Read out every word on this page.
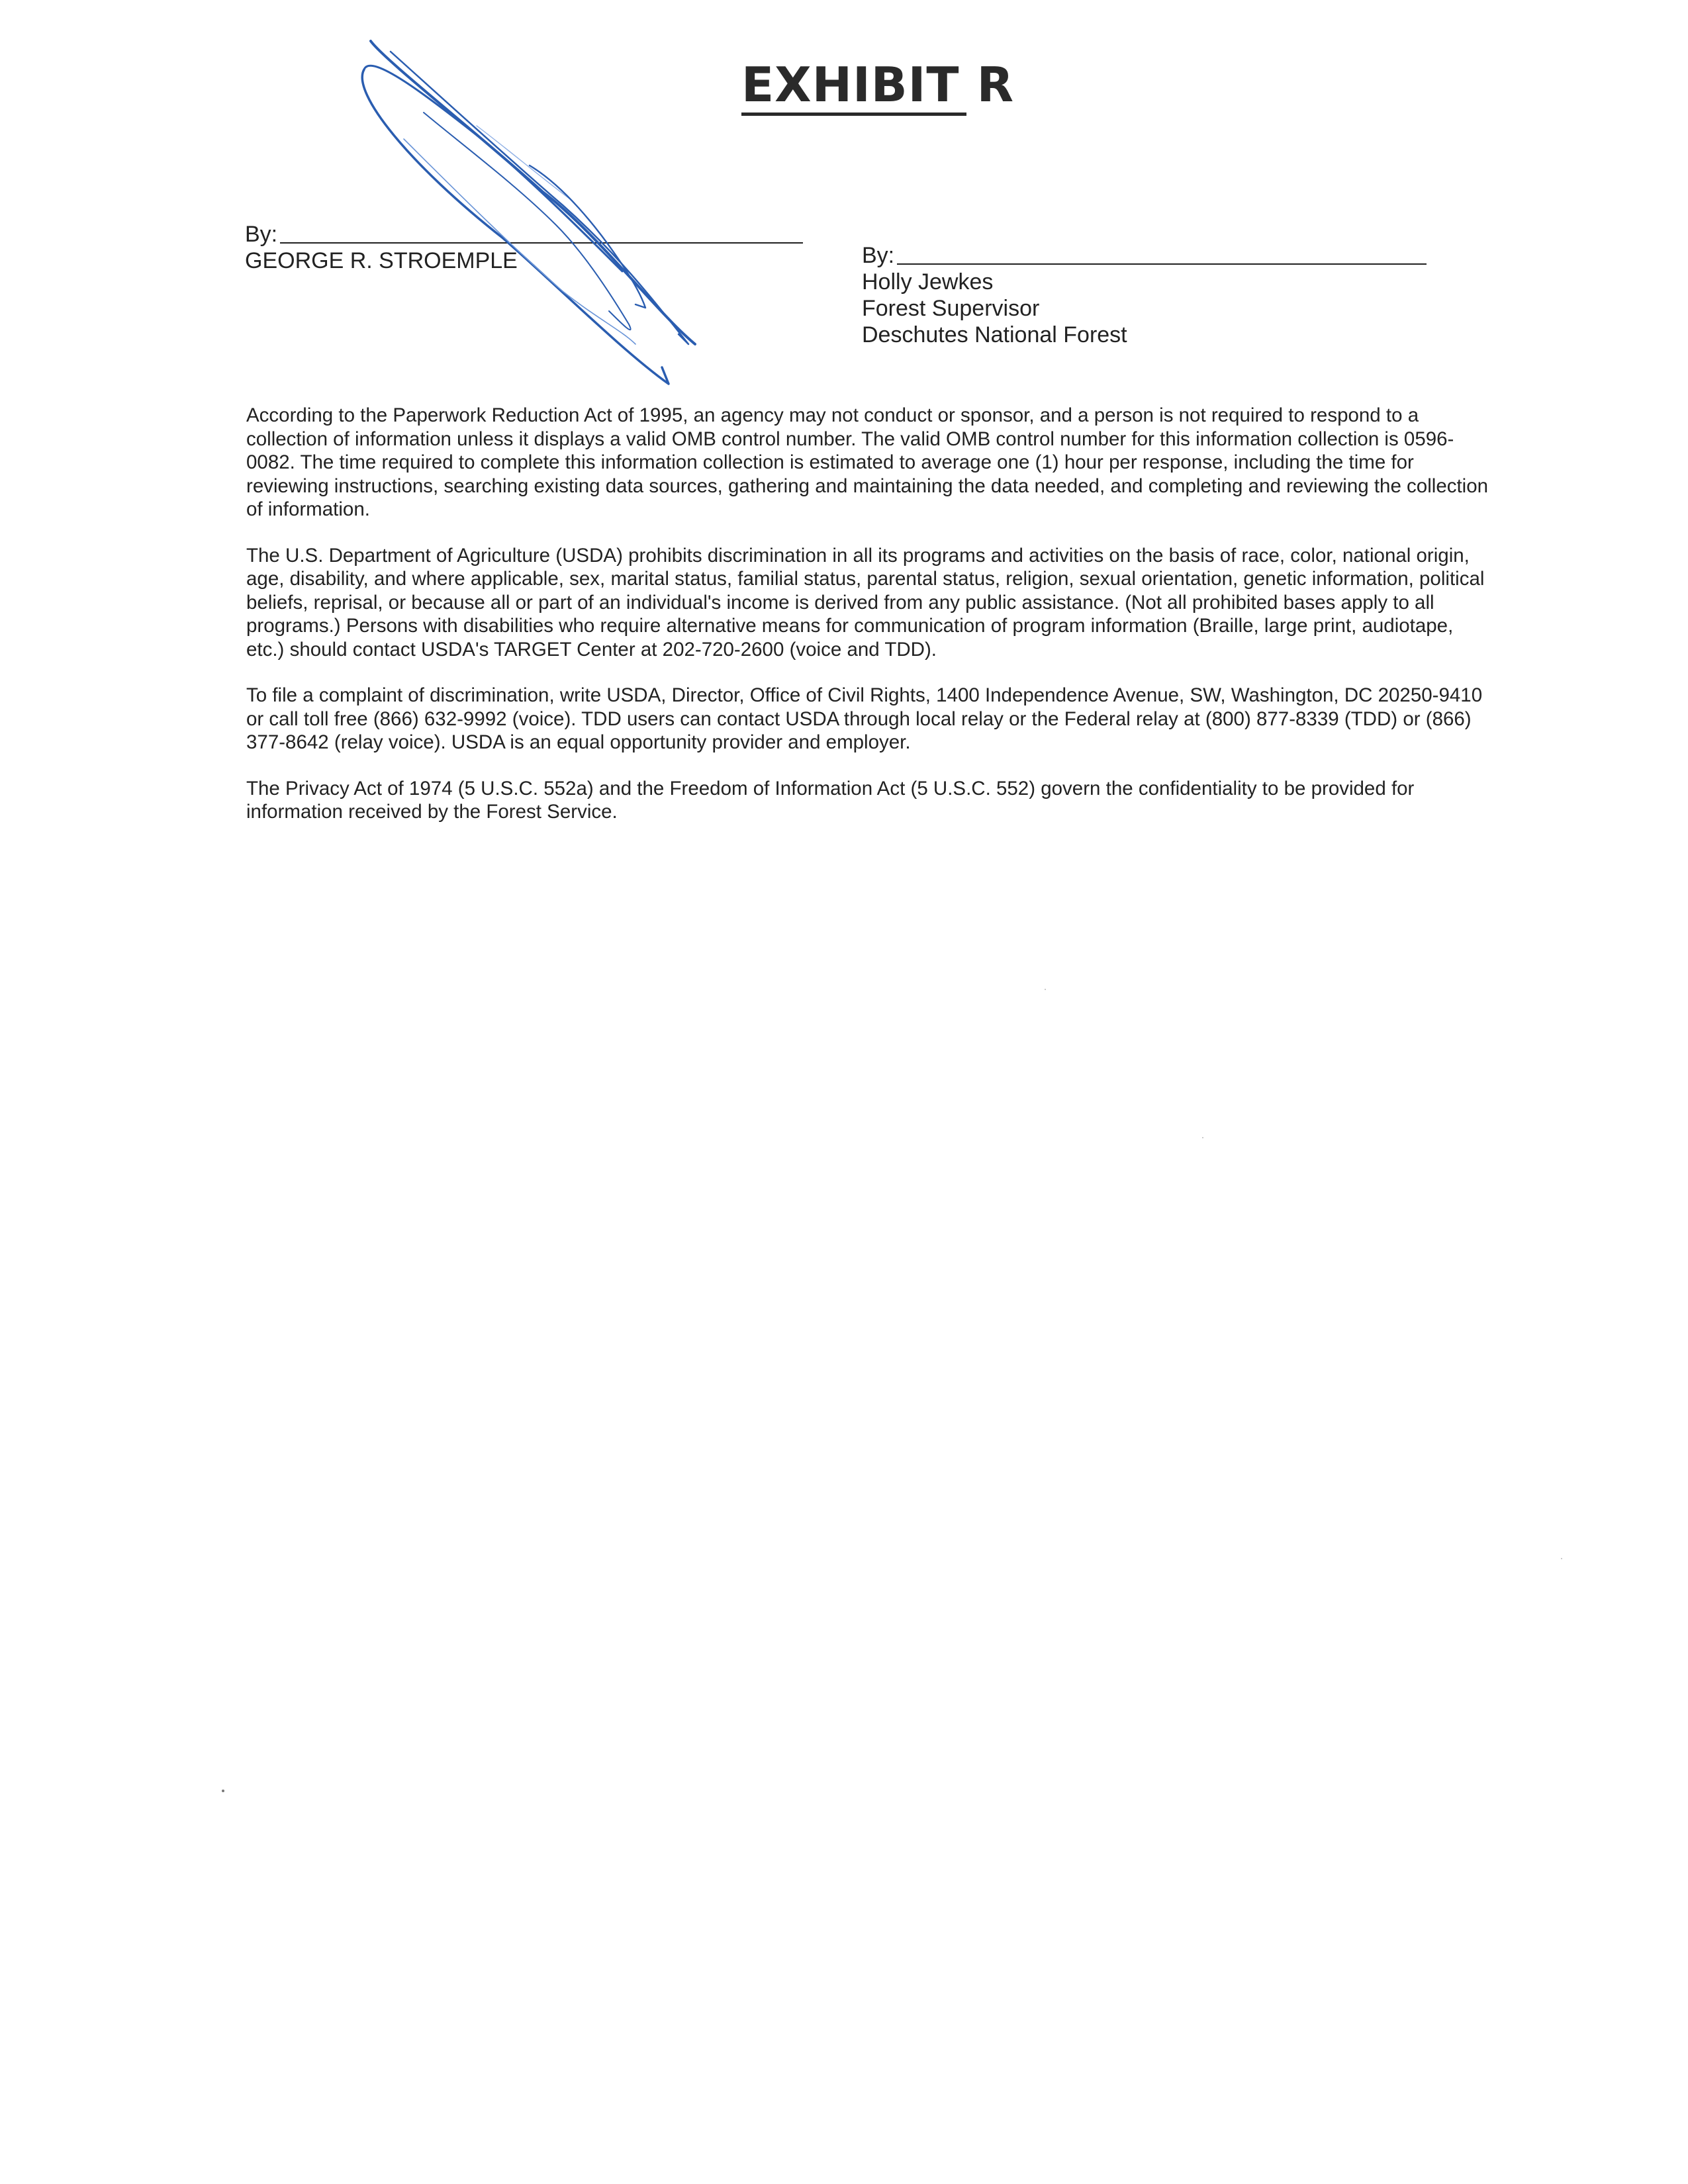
EXHIBIT R
By:
GEORGE R. STROEMPLE	By:
Holly Jewkes
Forest Supervisor
Deschutes National Forest

According to the Paperwork Reduction Act of 1995, an agency may not conduct or sponsor, and a person is not required to respond to a collection of information unless it displays a valid OMB control number. The valid OMB control number for this information collection is 0596-0082. The time required to complete this information collection is estimated to average one (1) hour per response, including the time for reviewing instructions, searching existing data sources, gathering and maintaining the data needed, and completing and reviewing the collection of information.

The U.S. Department of Agriculture (USDA) prohibits discrimination in all its programs and activities on the basis of race, color, national origin, age, disability, and where applicable, sex, marital status, familial status, parental status, religion, sexual orientation, genetic information, political beliefs, reprisal, or because all or part of an individual's income is derived from any public assistance. (Not all prohibited bases apply to all programs.) Persons with disabilities who require alternative means for communication of program information (Braille, large print, audiotape, etc.) should contact USDA's TARGET Center at 202-720-2600 (voice and TDD).

To file a complaint of discrimination, write USDA, Director, Office of Civil Rights, 1400 Independence Avenue, SW, Washington, DC 20250-9410 or call toll free (866) 632-9992 (voice). TDD users can contact USDA through local relay or the Federal relay at (800) 877-8339 (TDD) or (866) 377-8642 (relay voice). USDA is an equal opportunity provider and employer.

The Privacy Act of 1974 (5 U.S.C. 552a) and the Freedom of Information Act (5 U.S.C. 552) govern the confidentiality to be provided for information received by the Forest Service.
